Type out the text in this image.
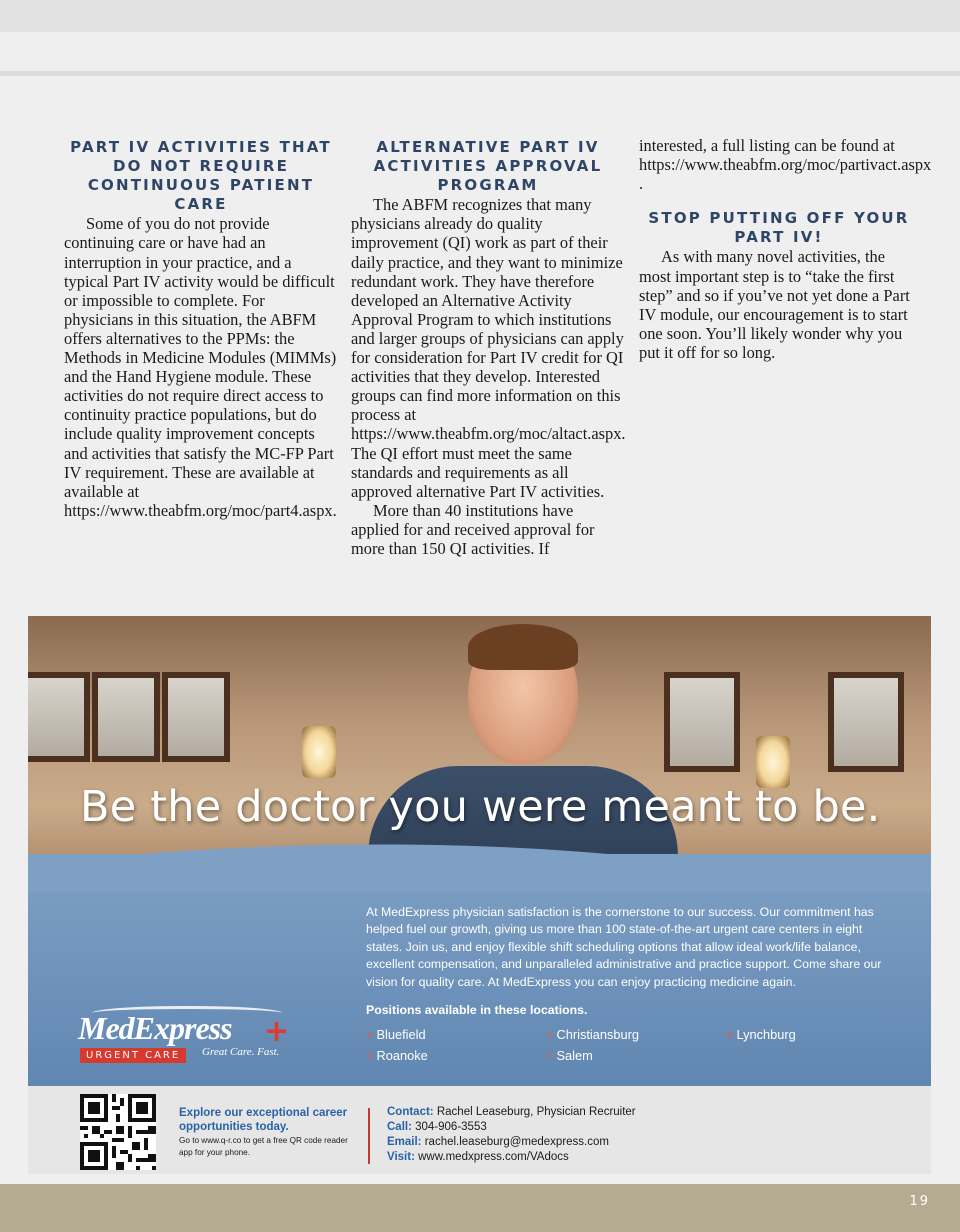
PART IV ACTIVITIES THAT DO NOT REQUIRE CONTINUOUS PATIENT CARE

Some of you do not provide continuing care or have had an interruption in your practice, and a typical Part IV activity would be difficult or impossible to complete. For physicians in this situation, the ABFM offers alternatives to the PPMs: the Methods in Medicine Modules (MIMMs) and the Hand Hygiene module. These activities do not require direct access to continuity practice populations, but do include quality improvement concepts and activities that satisfy the MC-FP Part IV requirement. These are available at available at https://www.theabfm.org/moc/part4.aspx.

ALTERNATIVE PART IV ACTIVITIES APPROVAL PROGRAM

The ABFM recognizes that many physicians already do quality improvement (QI) work as part of their daily practice, and they want to minimize redundant work. They have therefore developed an Alternative Activity Approval Program to which institutions and larger groups of physicians can apply for consideration for Part IV credit for QI activities that they develop. Interested groups can find more information on this process at https://www.theabfm.org/moc/altact.aspx. The QI effort must meet the same standards and requirements as all approved alternative Part IV activities.

More than 40 institutions have applied for and received approval for more than 150 QI activities. If

interested, a full listing can be found at https://www.theabfm.org/moc/partivact.aspx .

STOP PUTTING OFF YOUR PART IV!

As with many novel activities, the most important step is to “take the first step” and so if you’ve not yet done a Part IV module, our encouragement is to start one soon. You’ll likely wonder why you put it off for so long.

Be the doctor you were meant to be.

At MedExpress physician satisfaction is the cornerstone to our success. Our commitment has helped fuel our growth, giving us more than 100 state-of-the-art urgent care centers in eight states. Join us, and enjoy flexible shift scheduling options that allow ideal work/life balance, excellent compensation, and unparalleled administrative and practice support. Come share our vision for quality care. At MedExpress you can enjoy practicing medicine again.

Positions available in these locations.
+ Bluefield	+ Christiansburg	+ Lynchburg
+ Roanoke	+ Salem
MedExpress +
URGENT CARE	Great Care. Fast.
Explore our exceptional career opportunities today.
Go to www.q-r.co to get a free QR code reader app for your phone.
Contact: Rachel Leaseburg, Physician Recruiter
Call: 304-906-3553
Email: rachel.leaseburg@medexpress.com
Visit: www.medxpress.com/VAdocs
19
